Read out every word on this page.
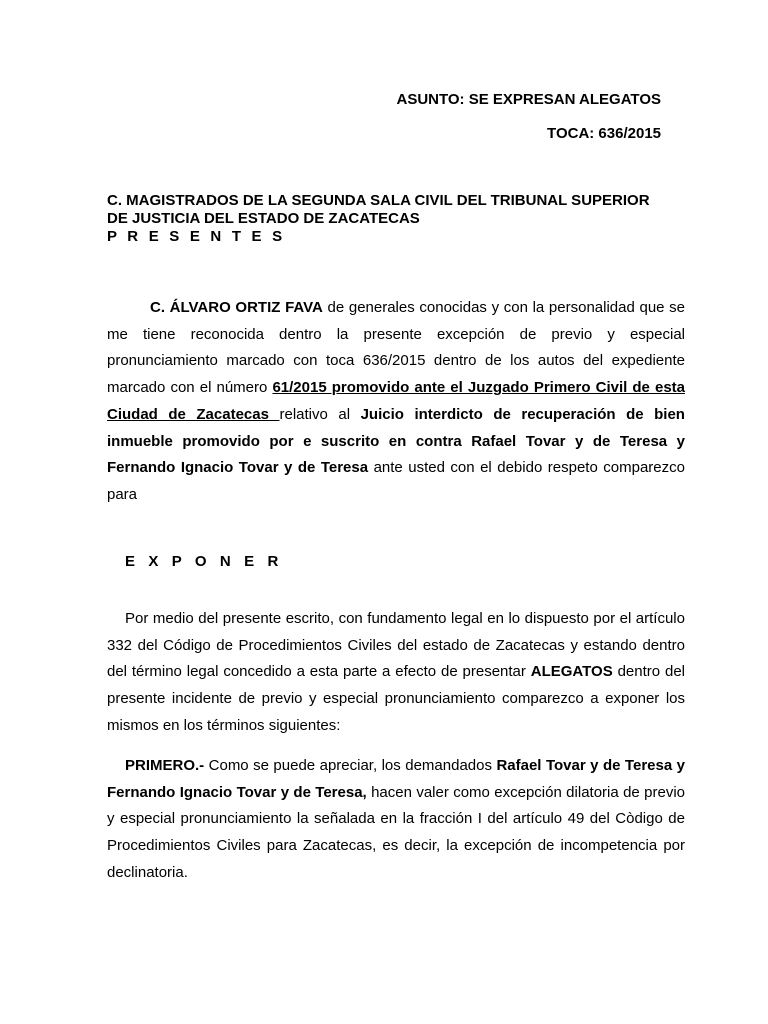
ASUNTO: SE EXPRESAN ALEGATOS
TOCA: 636/2015
C. MAGISTRADOS DE LA SEGUNDA SALA CIVIL DEL TRIBUNAL SUPERIOR
DE JUSTICIA DEL ESTADO DE ZACATECAS
P R E S E N T E S

C. ÁLVARO ORTIZ FAVA de generales conocidas y con la personalidad que se me tiene reconocida dentro la presente excepción de previo y especial pronunciamiento marcado con toca 636/2015 dentro de los autos del expediente marcado con el número 61/2015 promovido ante el Juzgado Primero Civil de esta Ciudad de Zacatecas relativo al Juicio interdicto de recuperación de bien inmueble promovido por e suscrito en contra Rafael Tovar y de Teresa y Fernando Ignacio Tovar y de Teresa ante usted con el debido respeto comparezco para

E X P O N E R

Por medio del presente escrito, con fundamento legal en lo dispuesto por el artículo 332 del Código de Procedimientos Civiles del estado de Zacatecas y estando dentro del término legal concedido a esta parte a efecto de presentar ALEGATOS dentro del presente incidente de previo y especial pronunciamiento comparezco a exponer los mismos en los términos siguientes:

PRIMERO.- Como se puede apreciar, los demandados Rafael Tovar y de Teresa y Fernando Ignacio Tovar y de Teresa, hacen valer como excepción dilatoria de previo y especial pronunciamiento la señalada en la fracción I del artículo 49 del Còdigo de Procedimientos Civiles para Zacatecas, es decir, la excepción de incompetencia por declinatoria.
